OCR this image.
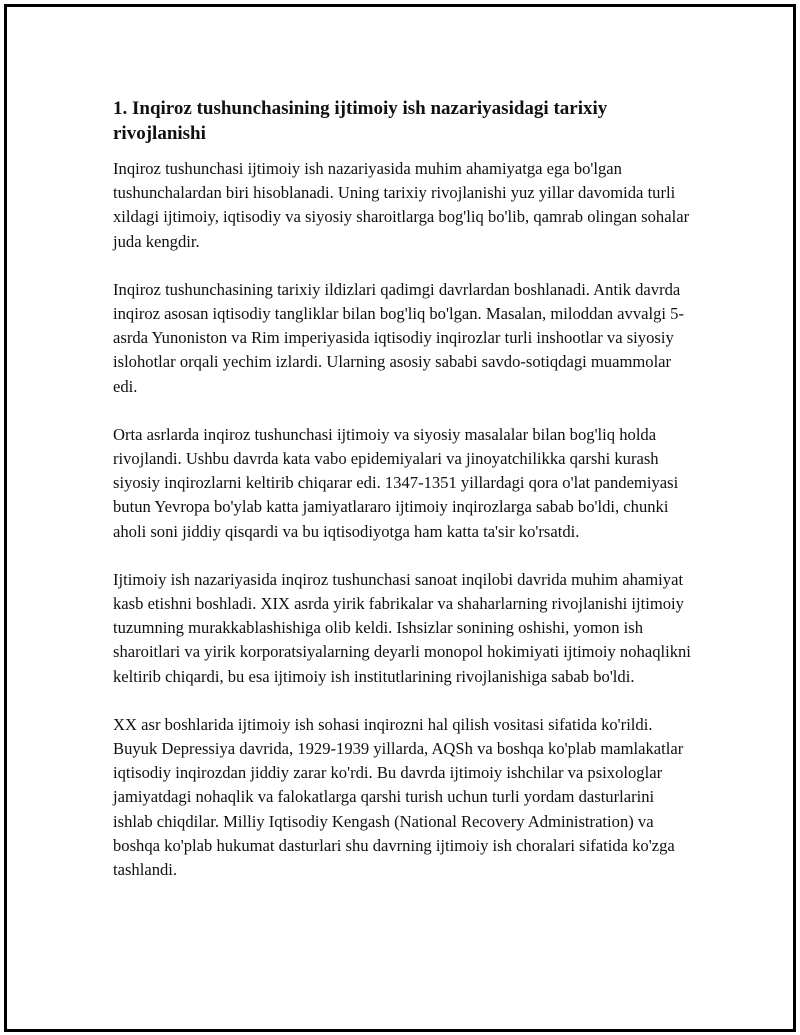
1. Inqiroz tushunchasining ijtimoiy ish nazariyasidagi tarixiy rivojlanishi

Inqiroz tushunchasi ijtimoiy ish nazariyasida muhim ahamiyatga ega bo'lgan tushunchalardan biri hisoblanadi. Uning tarixiy rivojlanishi yuz yillar davomida turli xildagi ijtimoiy, iqtisodiy va siyosiy sharoitlarga bog'liq bo'lib, qamrab olingan sohalar juda kengdir.

Inqiroz tushunchasining tarixiy ildizlari qadimgi davrlardan boshlanadi. Antik davrda inqiroz asosan iqtisodiy tangliklar bilan bog'liq bo'lgan. Masalan, miloddan avvalgi 5-asrda Yunoniston va Rim imperiyasida iqtisodiy inqirozlar turli inshootlar va siyosiy islohotlar orqali yechim izlardi. Ularning asosiy sababi savdo-sotiqdagi muammolar edi.

Orta asrlarda inqiroz tushunchasi ijtimoiy va siyosiy masalalar bilan bog'liq holda rivojlandi. Ushbu davrda kata vabo epidemiyalari va jinoyatchilikka qarshi kurash siyosiy inqirozlarni keltirib chiqarar edi. 1347-1351 yillardagi qora o'lat pandemiyasi butun Yevropa bo'ylab katta jamiyatlararo ijtimoiy inqirozlarga sabab bo'ldi, chunki aholi soni jiddiy qisqardi va bu iqtisodiyotga ham katta ta'sir ko'rsatdi.

Ijtimoiy ish nazariyasida inqiroz tushunchasi sanoat inqilobi davrida muhim ahamiyat kasb etishni boshladi. XIX asrda yirik fabrikalar va shaharlarning rivojlanishi ijtimoiy tuzumning murakkablashishiga olib keldi. Ishsizlar sonining oshishi, yomon ish sharoitlari va yirik korporatsiyalarning deyarli monopol hokimiyati ijtimoiy nohaqlikni keltirib chiqardi, bu esa ijtimoiy ish institutlarining rivojlanishiga sabab bo'ldi.

XX asr boshlarida ijtimoiy ish sohasi inqirozni hal qilish vositasi sifatida ko'rildi. Buyuk Depressiya davrida, 1929-1939 yillarda, AQSh va boshqa ko'plab mamlakatlar iqtisodiy inqirozdan jiddiy zarar ko'rdi. Bu davrda ijtimoiy ishchilar va psixologlar jamiyatdagi nohaqlik va falokatlarga qarshi turish uchun turli yordam dasturlarini ishlab chiqdilar. Milliy Iqtisodiy Kengash (National Recovery Administration) va boshqa ko'plab hukumat dasturlari shu davrning ijtimoiy ish choralari sifatida ko'zga tashlandi.
